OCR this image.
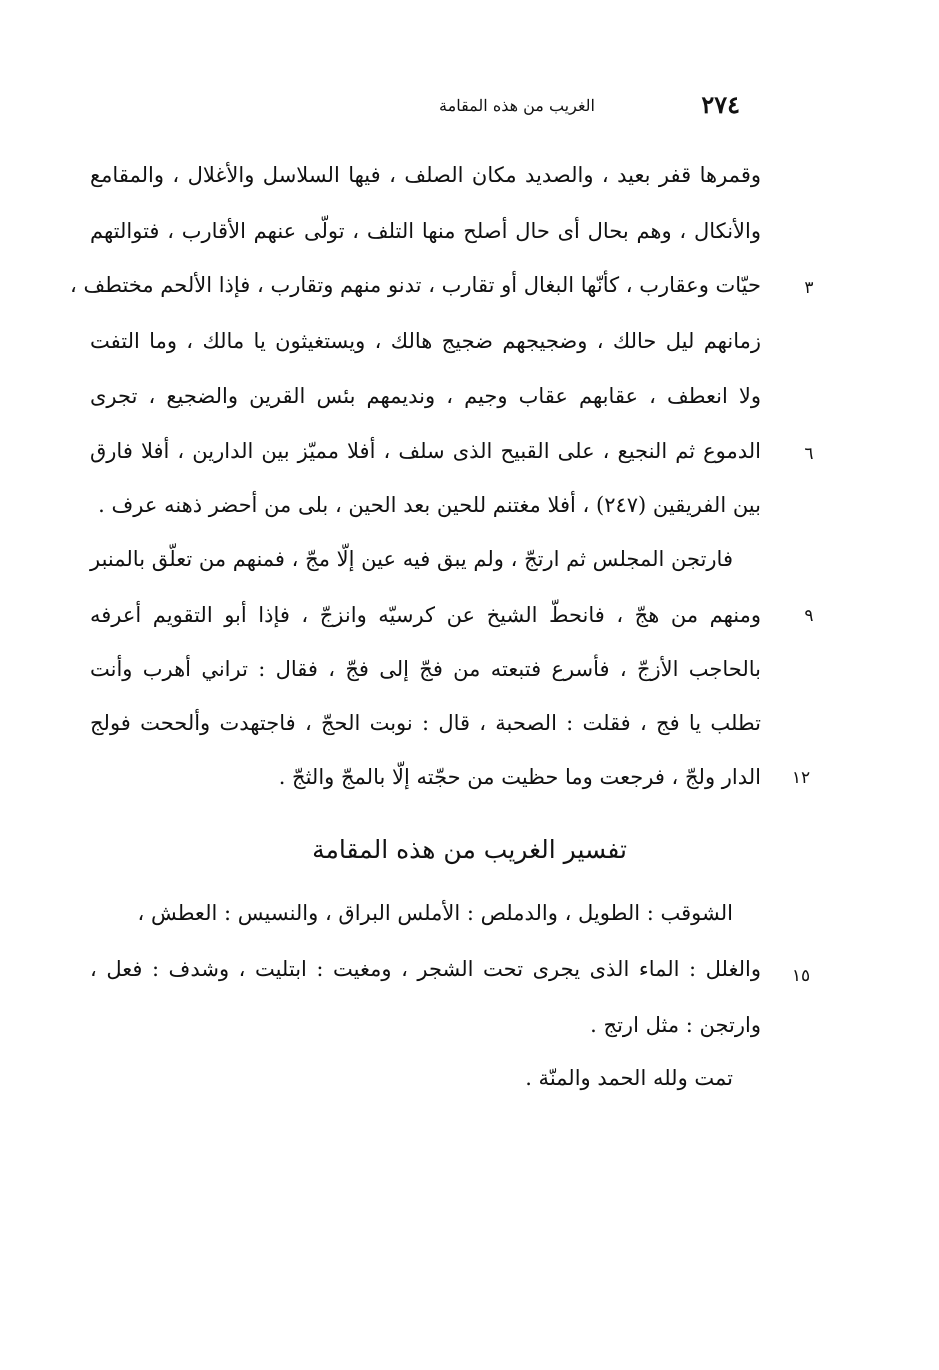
٢٧٤
الغريب من هذه المقامة
وقمرها قفر بعيد ، والصديد مكان الصلف ، فيها السلاسل والأغلال ، والمقامع
والأنكال ، وهم بحال أى حال أصلح منها التلف ، تولّى عنهم الأقارب ، فتوالتهم
حيّات وعقارب ، كأنّها البغال أو تقارب ، تدنو منهم وتقارب ، فإذا الألحم مختطف ،
زمانهم ليل حالك ، وضجيجهم ضجيج هالك ، ويستغيثون يا مالك ، وما التفت
ولا انعطف ، عقابهم عقاب وجيم ، ونديمهم بئس القرين والضجيع ، تجرى
الدموع ثم النجيع ، على القبيح الذى سلف ، أفلا مميّز بين الدارين ، أفلا فارق
بين الفريقين (٢٤٧) ، أفلا مغتنم للحين بعد الحين ، بلى من أحضر ذهنه عرف .
فارتجن المجلس ثم ارتجّ ، ولم يبق فيه عين إلّا مجّ ، فمنهم من تعلّق بالمنبر
ومنهم من هجّ ، فانحطّ الشيخ عن كرسيّه وانزجّ ، فإذا أبو التقويم أعرفه
بالحاجب الأزجّ ، فأسرع فتبعته من فجّ إلى فجّ ، فقال : تراني أهرب وأنت
تطلب يا فج ، فقلت : الصحبة ، قال : نوبت الحجّ ، فاجتهدت وألححت فولج
الدار ولجّ ، فرجعت وما حظيت من حجّته إلّا بالمجّ والثجّ .
٣
٦
٩
١٢
١٥
تفسير الغريب من هذه المقامة
الشوقب : الطويل ، والدملص : الأملس البراق ، والنسيس : العطش ،
والغلل : الماء الذى يجرى تحت الشجر ، ومغيت : ابتليت ، وشدف : فعل ،
وارتجن : مثل ارتج .
تمت ولله الحمد والمنّة .
